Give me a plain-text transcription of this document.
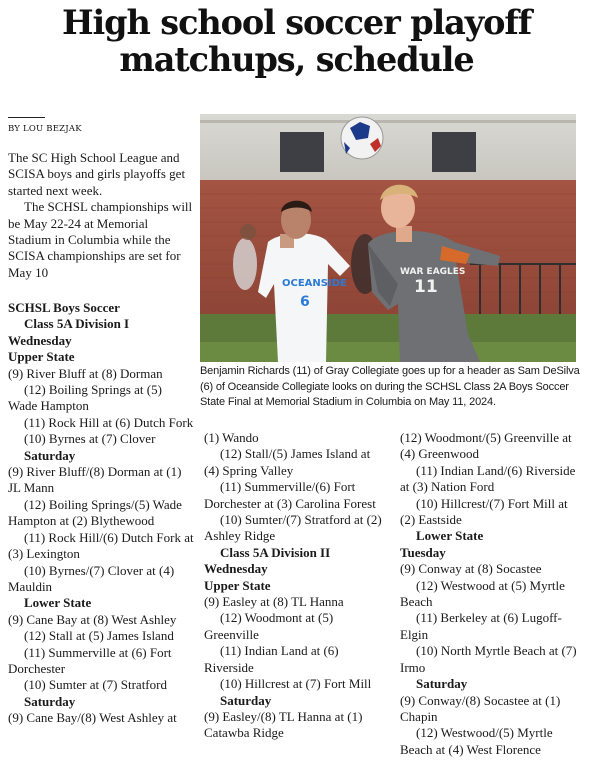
High school soccer playoff matchups, schedule
BY LOU BEZJAK

The SC High School League and SCISA boys and girls playoffs get started next week.

The SCHSL championships will be May 22-24 at Memorial Stadium in Columbia while the SCISA championships are set for May 10

OCEANSIDE
6
WAR EAGLES
11
Benjamin Richards (11) of Gray Collegiate goes up for a header as Sam DeSilva (6) of Oceanside Collegiate looks on during the SCHSL Class 2A Boys Soccer State Final at Memorial Stadium in Columbia on May 11, 2024.
SCHSL Boys Soccer
Class 5A Division I
Wednesday
Upper State
(9) River Bluff at (8) Dorman
(12) Boiling Springs at (5) Wade Hampton
(11) Rock Hill at (6) Dutch Fork
(10) Byrnes at (7) Clover
Saturday
(9) River Bluff/(8) Dorman at (1) JL Mann
(12) Boiling Springs/(5) Wade Hampton at (2) Blythewood
(11) Rock Hill/(6) Dutch Fork at (3) Lexington
(10) Byrnes/(7) Clover at (4) Mauldin
Lower State
(9) Cane Bay at (8) West Ashley
(12) Stall at (5) James Island
(11) Summerville at (6) Fort Dorchester
(10) Sumter at (7) Stratford
Saturday
(9) Cane Bay/(8) West Ashley at
(1) Wando
(12) Stall/(5) James Island at (4) Spring Valley
(11) Summerville/(6) Fort Dorchester at (3) Carolina Forest
(10) Sumter/(7) Stratford at (2) Ashley Ridge
Class 5A Division II
Wednesday
Upper State
(9) Easley at (8) TL Hanna
(12) Woodmont at (5) Greenville
(11) Indian Land at (6) Riverside
(10) Hillcrest at (7) Fort Mill
Saturday
(9) Easley/(8) TL Hanna at (1) Catawba Ridge
(12) Woodmont/(5) Greenville at (4) Greenwood
(11) Indian Land/(6) Riverside at (3) Nation Ford
(10) Hillcrest/(7) Fort Mill at (2) Eastside
Lower State
Tuesday
(9) Conway at (8) Socastee
(12) Westwood at (5) Myrtle Beach
(11) Berkeley at (6) Lugoff-Elgin
(10) North Myrtle Beach at (7) Irmo
Saturday
(9) Conway/(8) Socastee at (1) Chapin
(12) Westwood/(5) Myrtle Beach at (4) West Florence
